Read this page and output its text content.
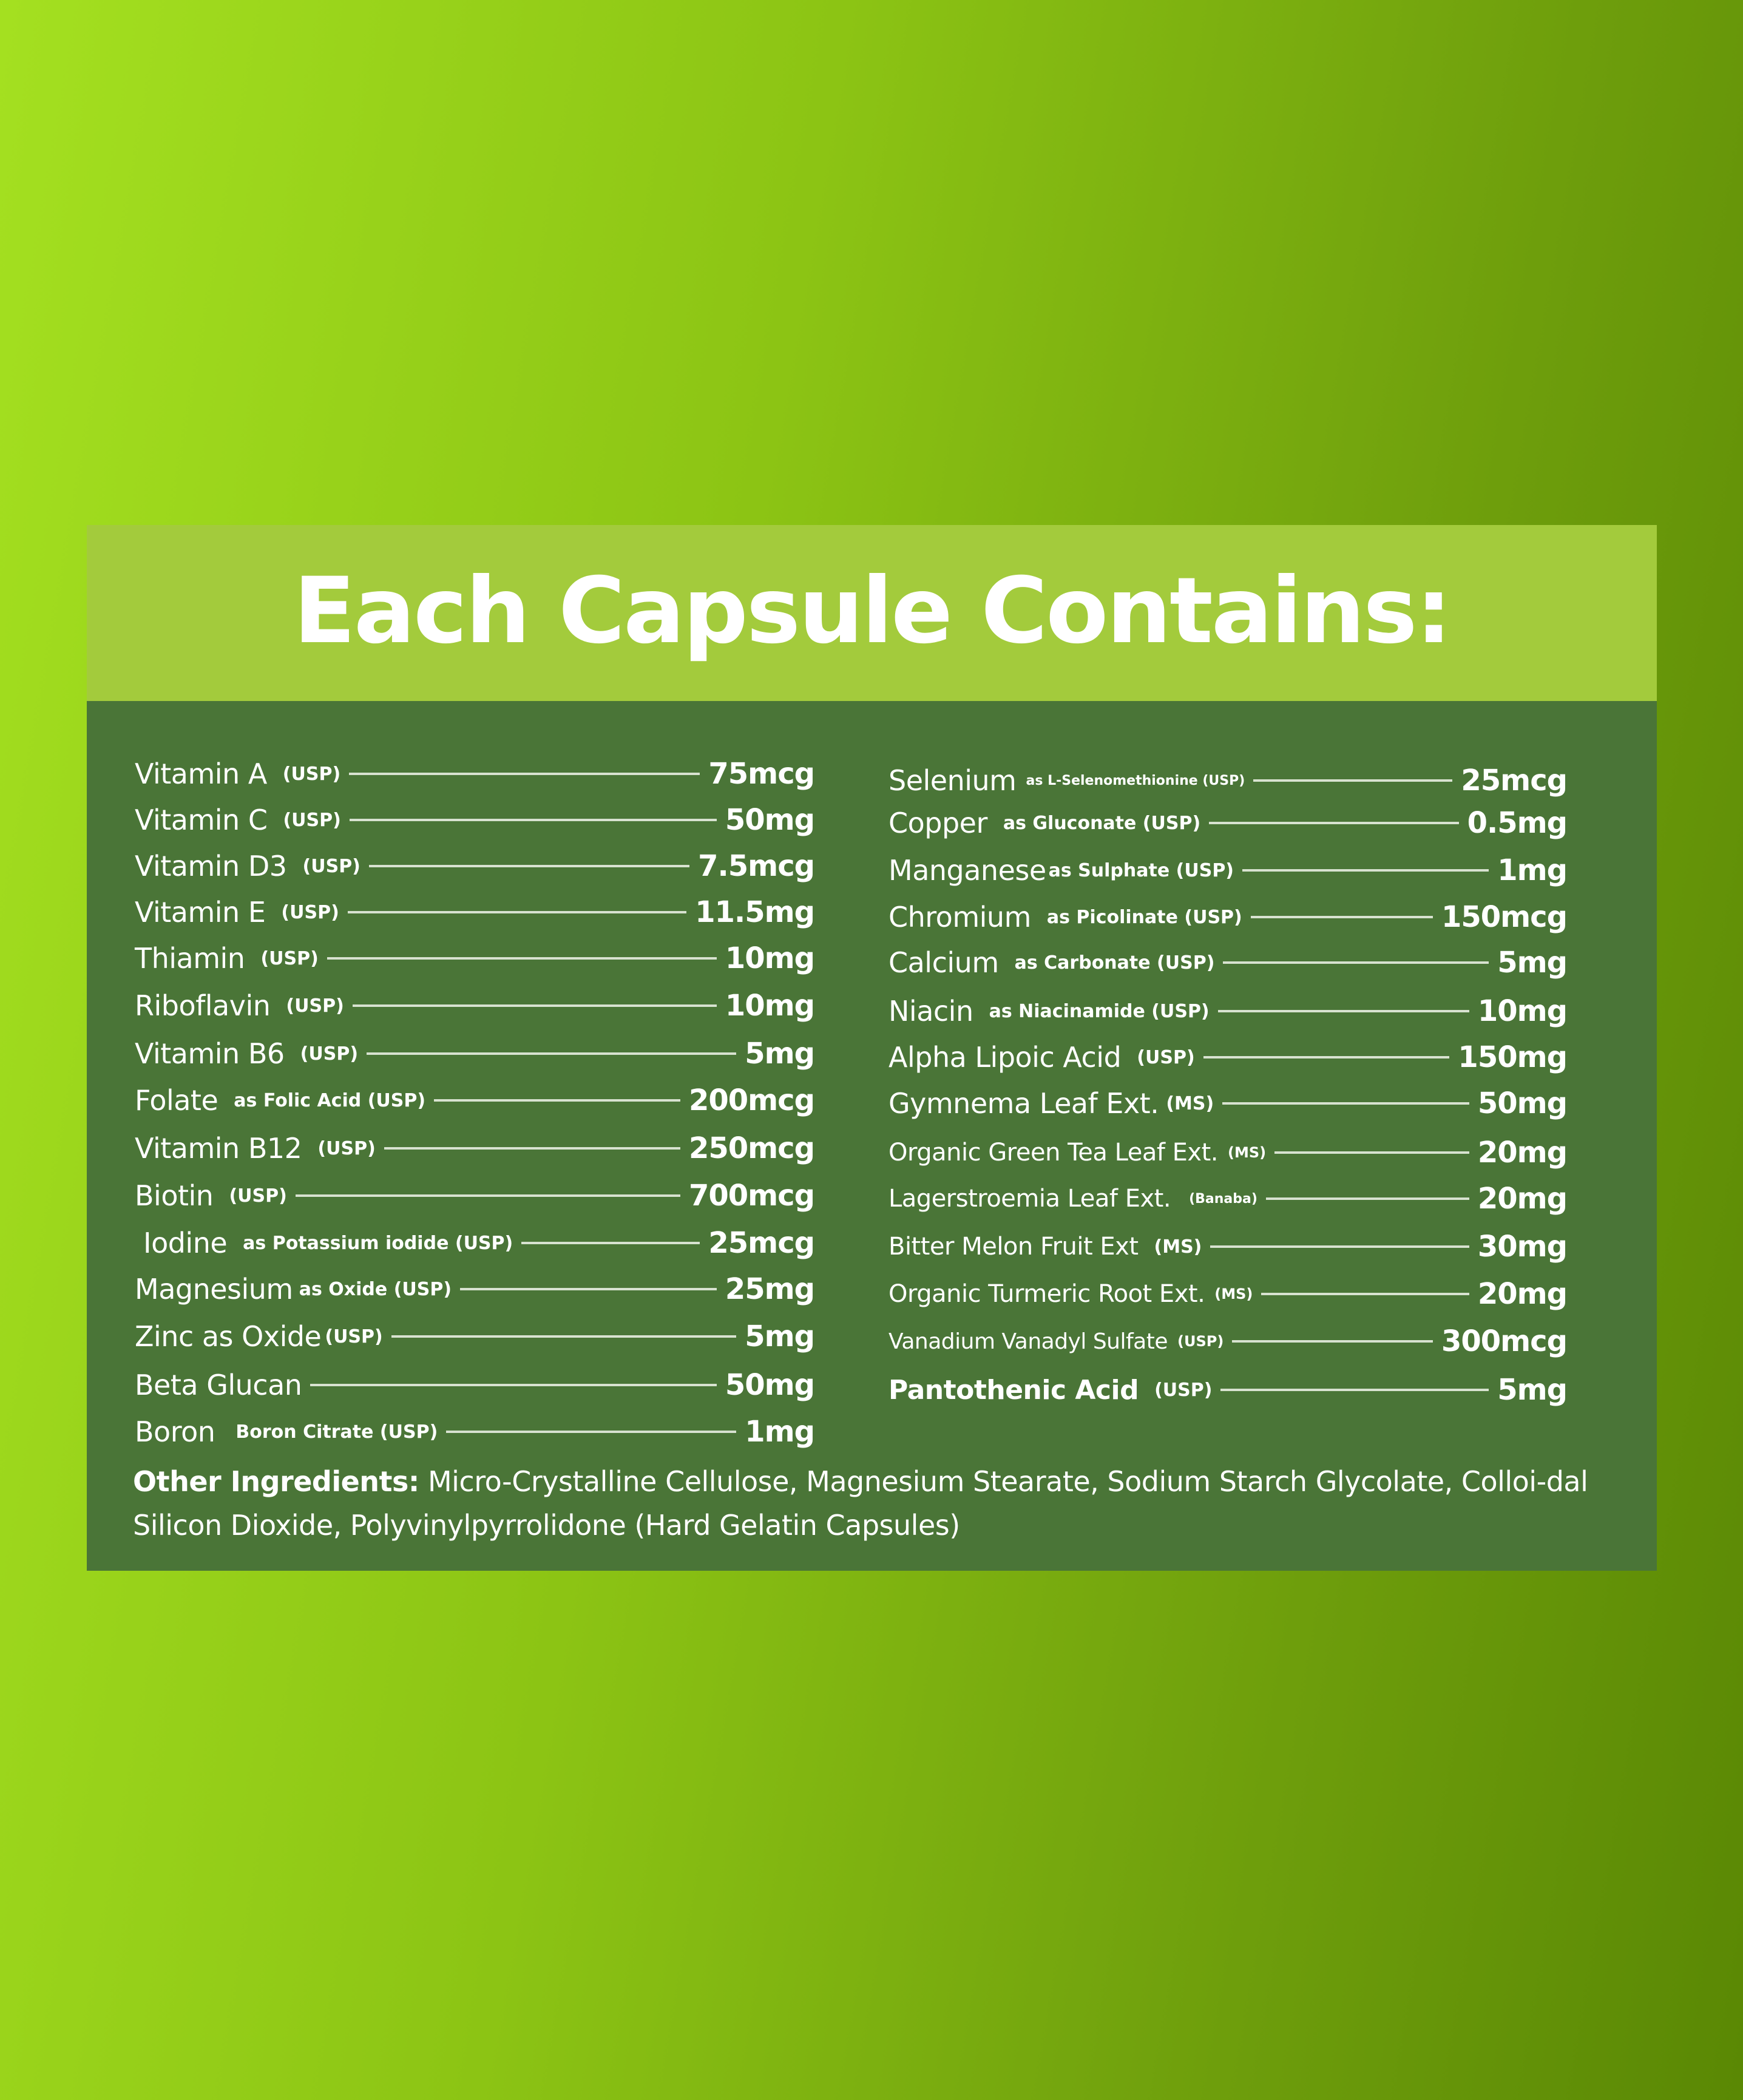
Each Capsule Contains:
Vitamin A (USP)	75mcg
Vitamin C (USP)	50mg
Vitamin D3 (USP)	7.5mcg
Vitamin E (USP)	11.5mg
Thiamin (USP)	10mg
Riboflavin (USP)	10mg
Vitamin B6 (USP)	5mg
Folate as Folic Acid (USP)	200mcg
Vitamin B12 (USP)	250mcg
Biotin (USP)	700mcg
Iodine as Potassium iodide (USP)	25mcg
Magnesium as Oxide (USP)	25mg
Zinc as Oxide (USP)	5mg
Beta Glucan	50mg
Boron Boron Citrate (USP)	1mg
Selenium as L-Selenomethionine (USP)	25mcg
Copper as Gluconate (USP)	0.5mg
Manganese as Sulphate (USP)	1mg
Chromium as Picolinate (USP)	150mcg
Calcium as Carbonate (USP)	5mg
Niacin as Niacinamide (USP)	10mg
Alpha Lipoic Acid (USP)	150mg
Gymnema Leaf Ext. (MS)	50mg
Organic Green Tea Leaf Ext. (MS)	20mg
Lagerstroemia Leaf Ext. (Banaba)	20mg
Bitter Melon Fruit Ext (MS)	30mg
Organic Turmeric Root Ext. (MS)	20mg
Vanadium Vanadyl Sulfate (USP)	300mcg
Pantothenic Acid (USP)	5mg
Other Ingredients: Micro-Crystalline Cellulose, Magnesium Stearate, Sodium Starch Glycolate, Colloi-dal Silicon Dioxide, Polyvinylpyrrolidone (Hard Gelatin Capsules)
